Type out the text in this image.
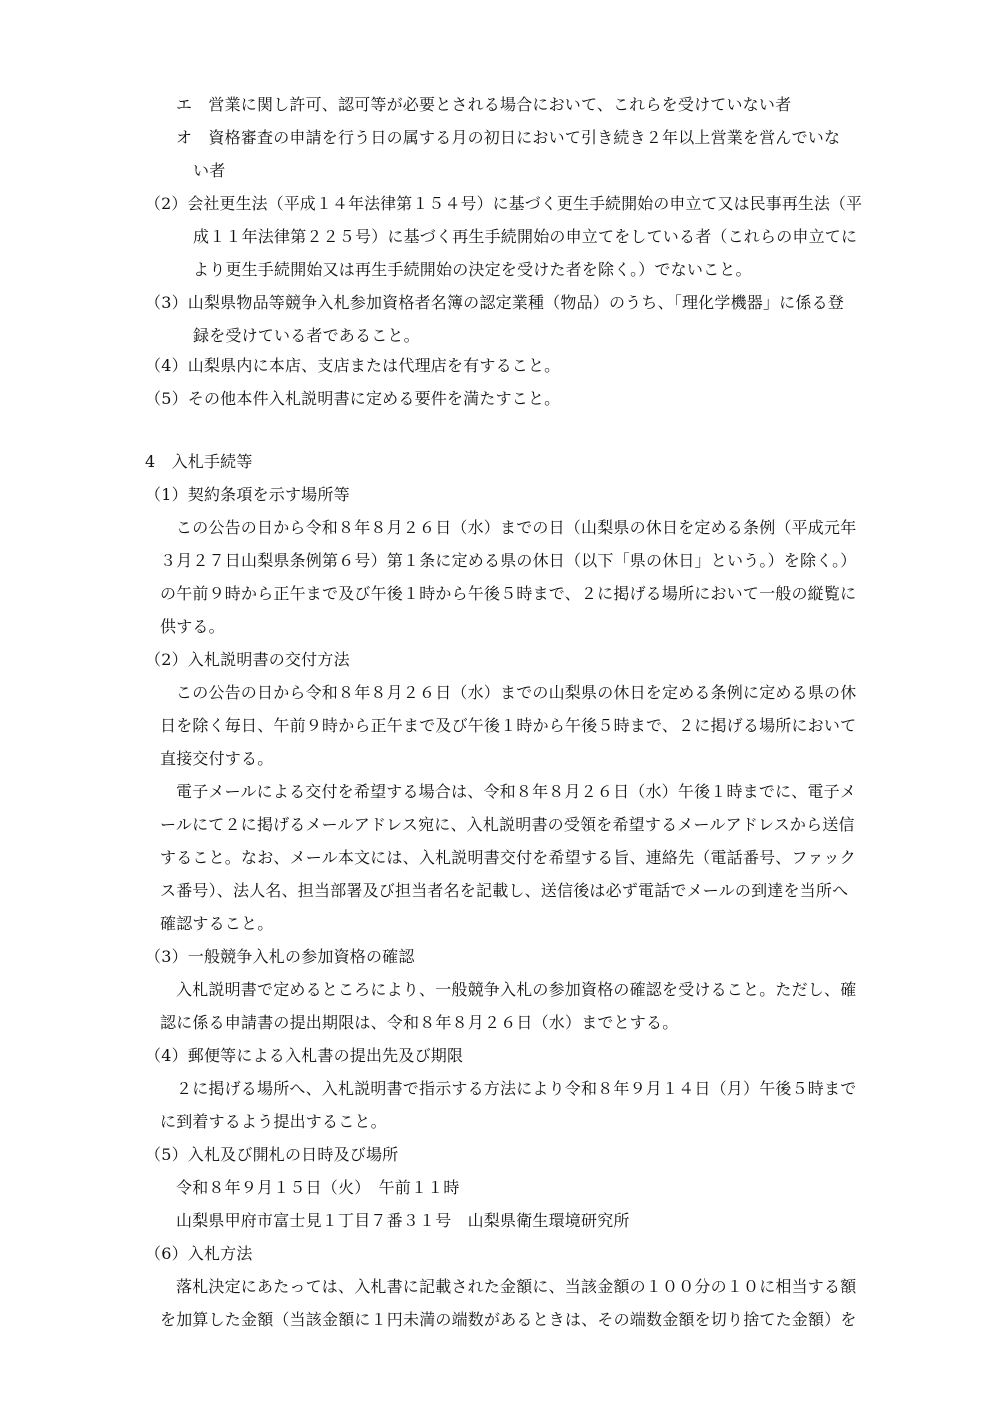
エ　営業に関し許可、認可等が必要とされる場合において、これらを受けていない者
オ　資格審査の申請を行う日の属する月の初日において引き続き２年以上営業を営んでいな
い者
（2）会社更生法（平成１４年法律第１５４号）に基づく更生手続開始の申立て又は民事再生法（平
成１１年法律第２２５号）に基づく再生手続開始の申立てをしている者（これらの申立てに
より更生手続開始又は再生手続開始の決定を受けた者を除く。）でないこと。
（3）山梨県物品等競争入札参加資格者名簿の認定業種（物品）のうち、「理化学機器」に係る登
録を受けている者であること。
（4）山梨県内に本店、支店または代理店を有すること。
（5）その他本件入札説明書に定める要件を満たすこと。
4　入札手続等
（1）契約条項を示す場所等
この公告の日から令和８年８月２６日（水）までの日（山梨県の休日を定める条例（平成元年
３月２７日山梨県条例第６号）第１条に定める県の休日（以下「県の休日」という。）を除く。）
の午前９時から正午まで及び午後１時から午後５時まで、２に掲げる場所において一般の縦覧に
供する。
（2）入札説明書の交付方法
この公告の日から令和８年８月２６日（水）までの山梨県の休日を定める条例に定める県の休
日を除く毎日、午前９時から正午まで及び午後１時から午後５時まで、２に掲げる場所において
直接交付する。
電子メールによる交付を希望する場合は、令和８年８月２６日（水）午後１時までに、電子メ
ールにて２に掲げるメールアドレス宛に、入札説明書の受領を希望するメールアドレスから送信
すること。なお、メール本文には、入札説明書交付を希望する旨、連絡先（電話番号、ファック
ス番号）、法人名、担当部署及び担当者名を記載し、送信後は必ず電話でメールの到達を当所へ
確認すること。
（3）一般競争入札の参加資格の確認
入札説明書で定めるところにより、一般競争入札の参加資格の確認を受けること。ただし、確
認に係る申請書の提出期限は、令和８年８月２６日（水）までとする。
（4）郵便等による入札書の提出先及び期限
２に掲げる場所へ、入札説明書で指示する方法により令和８年９月１４日（月）午後５時まで
に到着するよう提出すること。
（5）入札及び開札の日時及び場所
令和８年９月１５日（火）　午前１１時
山梨県甲府市富士見１丁目７番３１号　山梨県衛生環境研究所
（6）入札方法
落札決定にあたっては、入札書に記載された金額に、当該金額の１００分の１０に相当する額
を加算した金額（当該金額に１円未満の端数があるときは、その端数金額を切り捨てた金額）を
